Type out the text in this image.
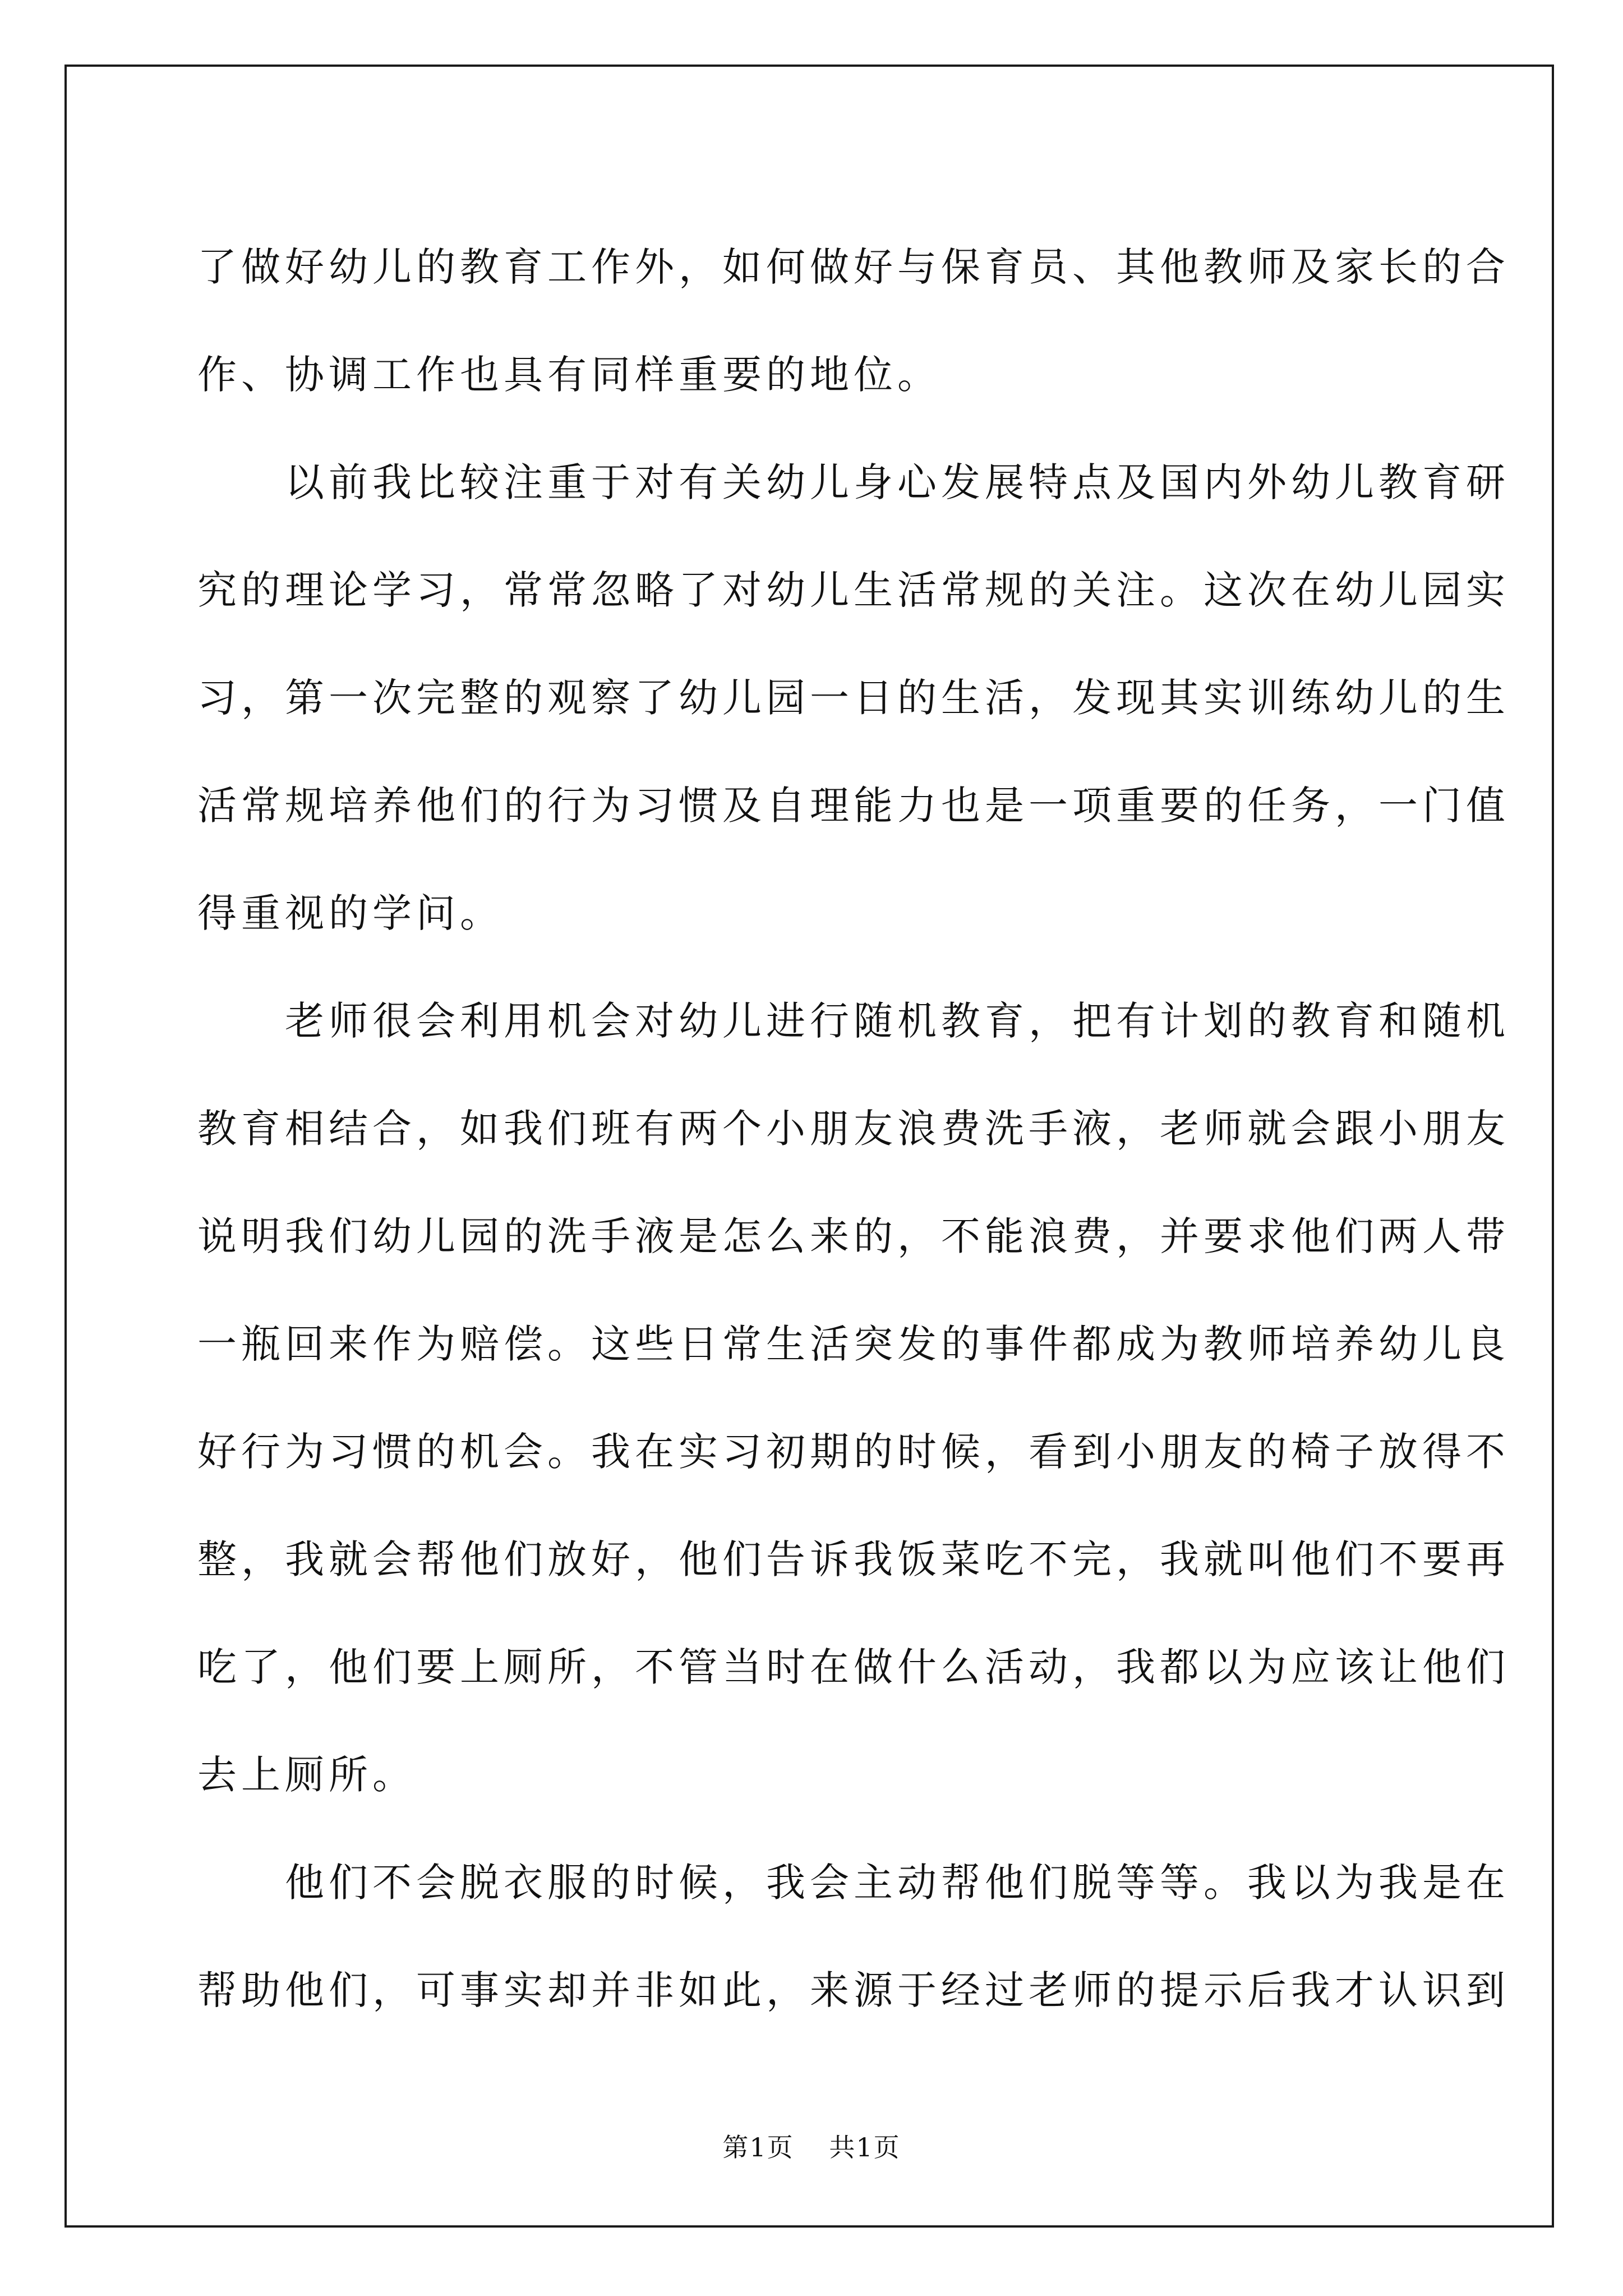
了做好幼儿的教育工作外，如何做好与保育员、其他教师及家长的合
作、协调工作也具有同样重要的地位。
　　以前我比较注重于对有关幼儿身心发展特点及国内外幼儿教育研
究的理论学习，常常忽略了对幼儿生活常规的关注。这次在幼儿园实
习，第一次完整的观察了幼儿园一日的生活，发现其实训练幼儿的生
活常规培养他们的行为习惯及自理能力也是一项重要的任务，一门值
得重视的学问。
　　老师很会利用机会对幼儿进行随机教育，把有计划的教育和随机
教育相结合，如我们班有两个小朋友浪费洗手液，老师就会跟小朋友
说明我们幼儿园的洗手液是怎么来的，不能浪费，并要求他们两人带
一瓶回来作为赔偿。这些日常生活突发的事件都成为教师培养幼儿良
好行为习惯的机会。我在实习初期的时候，看到小朋友的椅子放得不
整，我就会帮他们放好，他们告诉我饭菜吃不完，我就叫他们不要再
吃了，他们要上厕所，不管当时在做什么活动，我都以为应该让他们
去上厕所。
　　他们不会脱衣服的时候，我会主动帮他们脱等等。我以为我是在
帮助他们，可事实却并非如此，来源于经过老师的提示后我才认识到
第1页 共1页
